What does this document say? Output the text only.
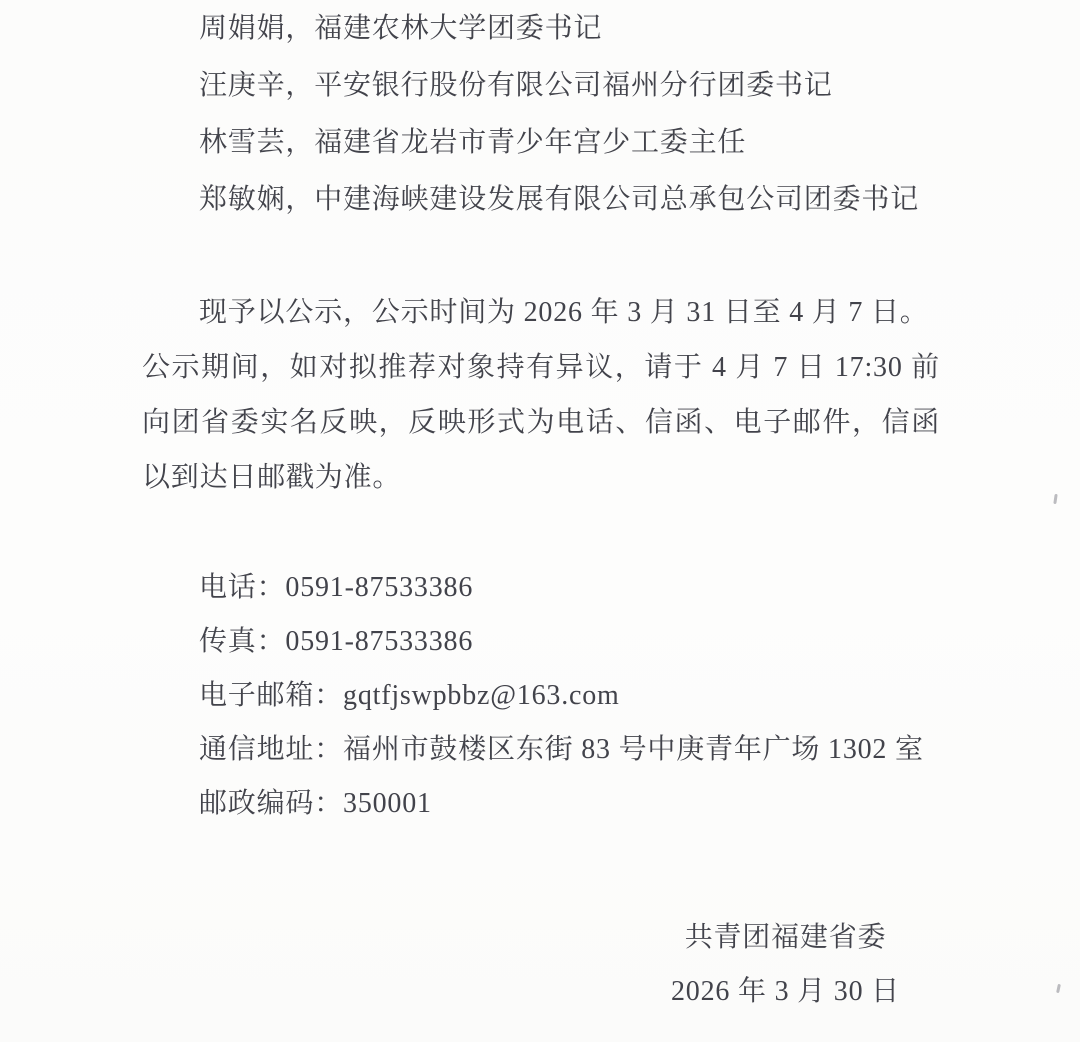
周娟娟，福建农林大学团委书记
汪庚辛，平安银行股份有限公司福州分行团委书记
林雪芸，福建省龙岩市青少年宫少工委主任
郑敏娴，中建海峡建设发展有限公司总承包公司团委书记
现予以公示，公示时间为 2026 年 3 月 31 日至 4 月 7 日。
公示期间，如对拟推荐对象持有异议，请于 4 月 7 日 17:30 前
向团省委实名反映，反映形式为电话、信函、电子邮件，信函
以到达日邮戳为准。
电话：0591-87533386
传真：0591-87533386
电子邮箱：gqtfjswpbbz@163.com
通信地址：福州市鼓楼区东街 83 号中庚青年广场 1302 室
邮政编码：350001
共青团福建省委
2026 年 3 月 30 日
